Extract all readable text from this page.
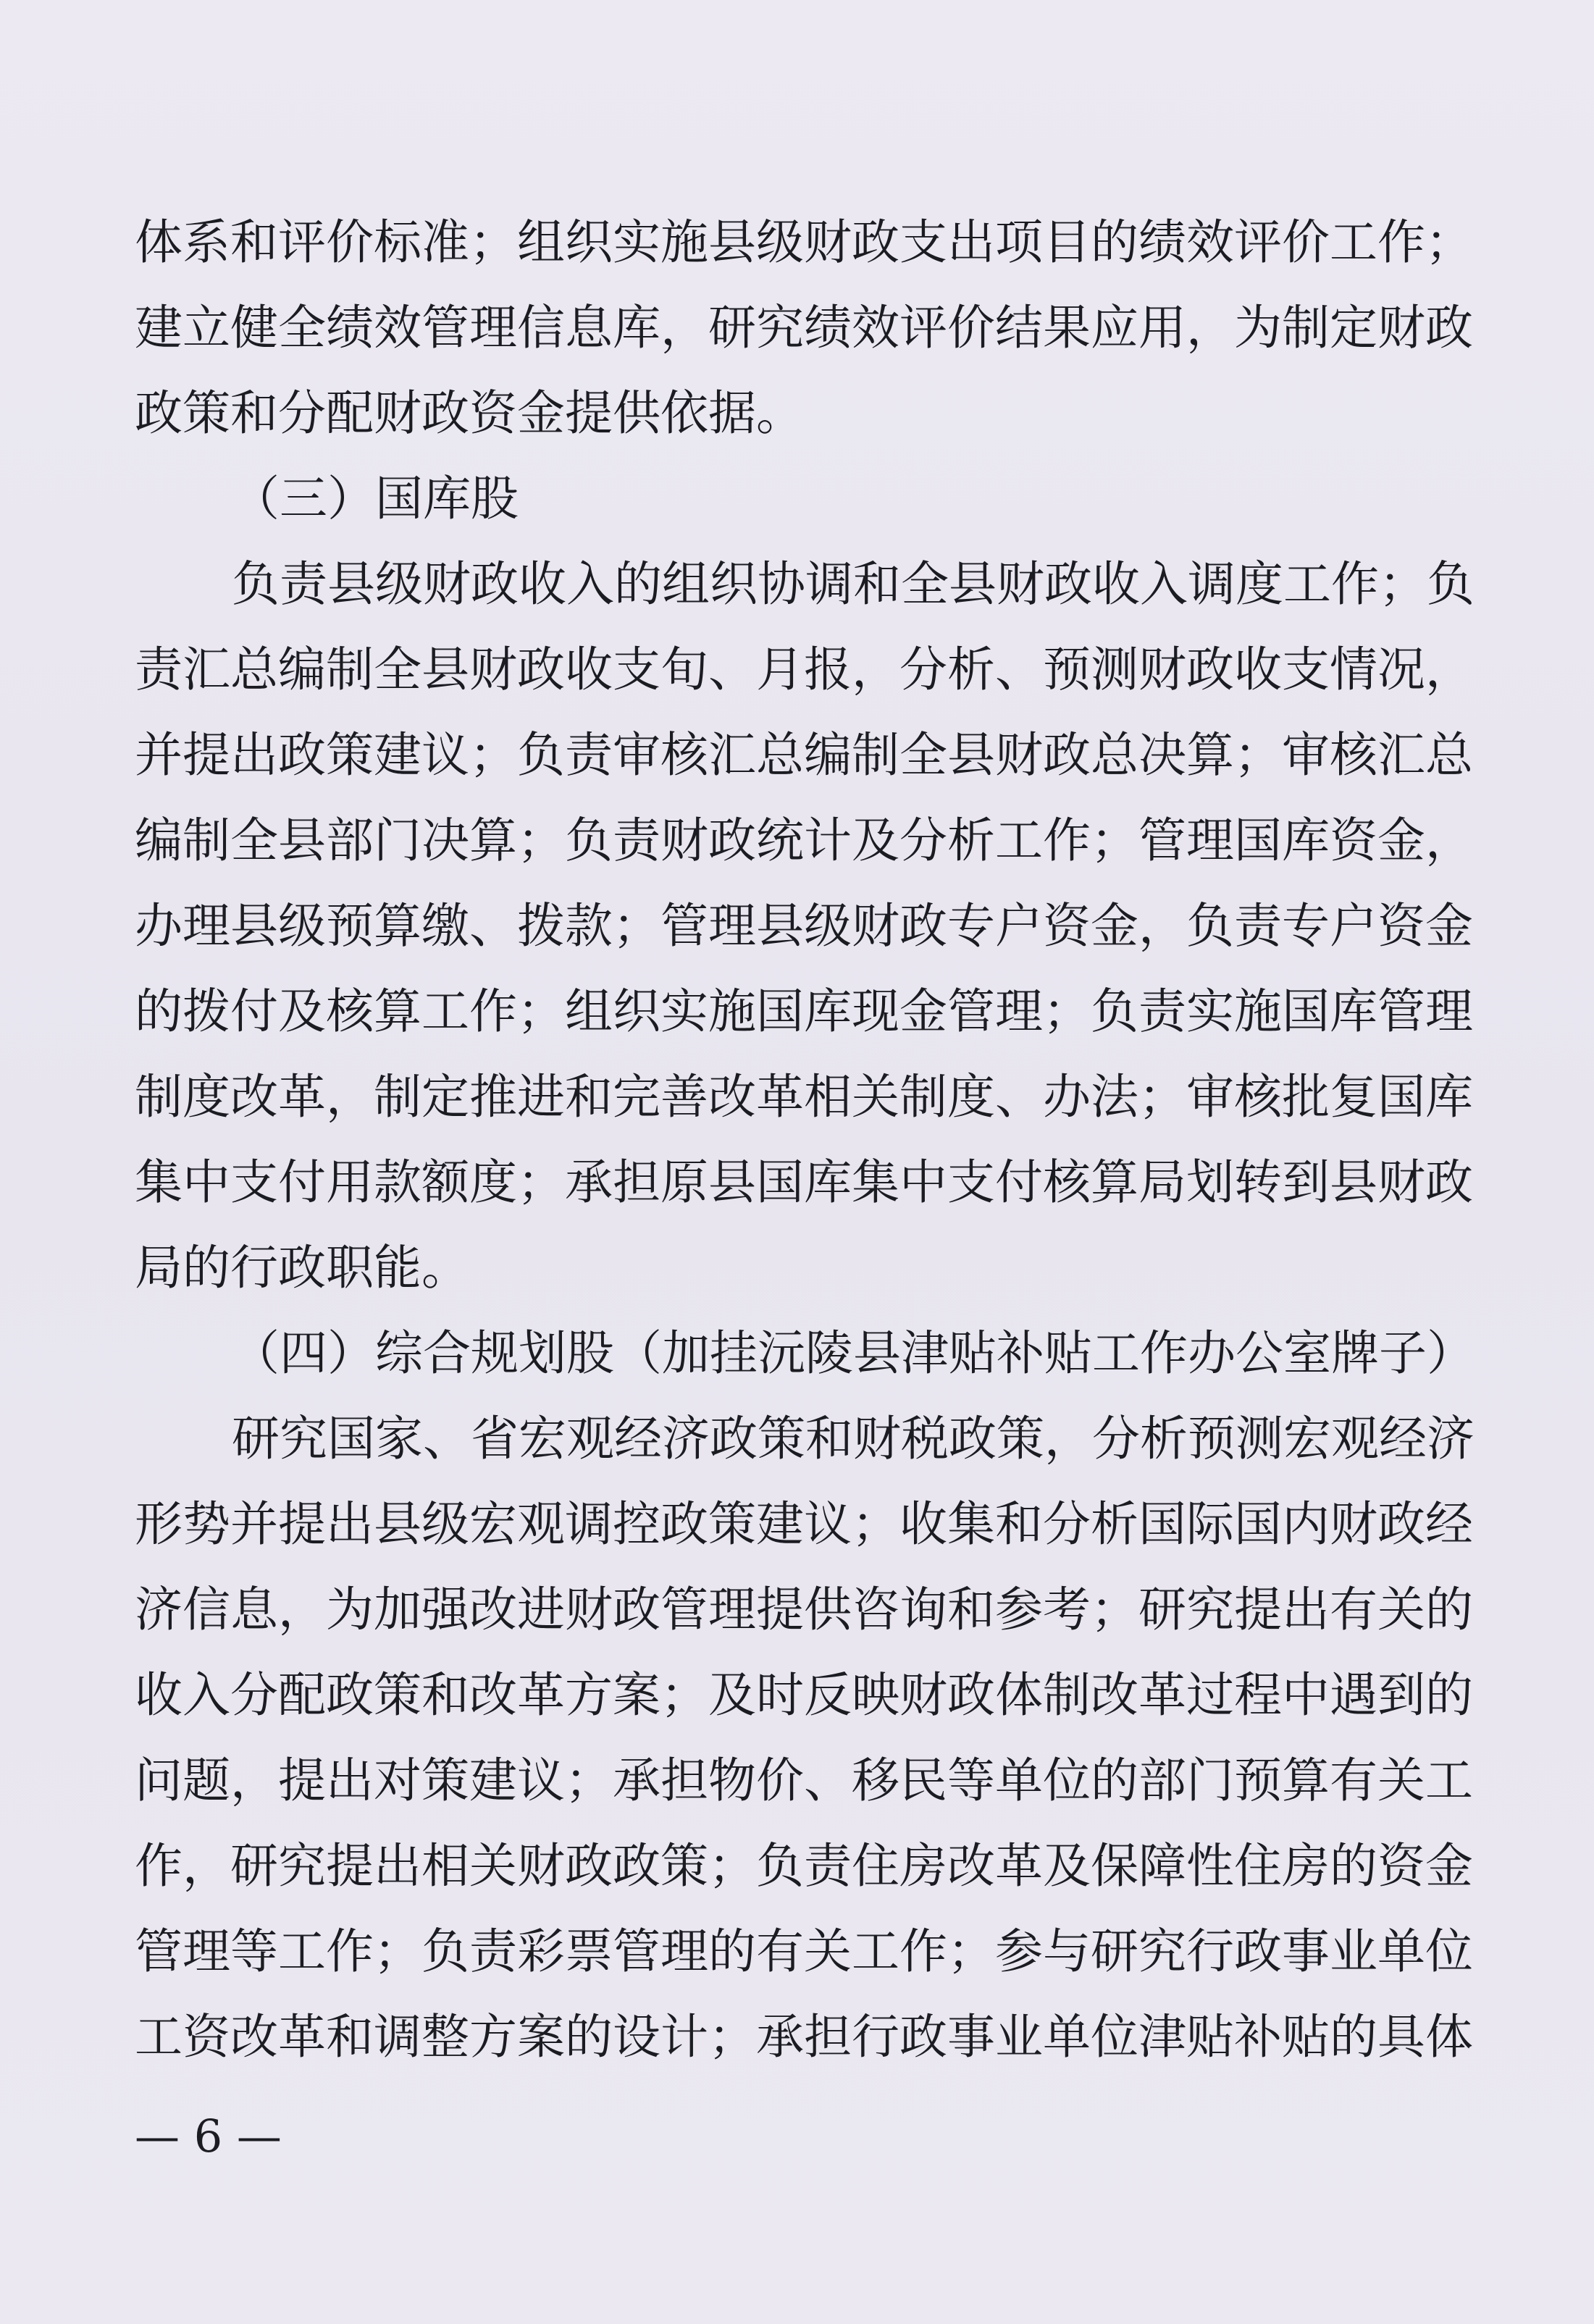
体系和评价标准；组织实施县级财政支出项目的绩效评价工作；
建立健全绩效管理信息库，研究绩效评价结果应用，为制定财政
政策和分配财政资金提供依据。
（三）国库股
负责县级财政收入的组织协调和全县财政收入调度工作；负
责汇总编制全县财政收支旬、月报，分析、预测财政收支情况，
并提出政策建议；负责审核汇总编制全县财政总决算；审核汇总
编制全县部门决算；负责财政统计及分析工作；管理国库资金，
办理县级预算缴、拨款；管理县级财政专户资金，负责专户资金
的拨付及核算工作；组织实施国库现金管理；负责实施国库管理
制度改革，制定推进和完善改革相关制度、办法；审核批复国库
集中支付用款额度；承担原县国库集中支付核算局划转到县财政
局的行政职能。
（四）综合规划股（加挂沅陵县津贴补贴工作办公室牌子）
研究国家、省宏观经济政策和财税政策，分析预测宏观经济
形势并提出县级宏观调控政策建议；收集和分析国际国内财政经
济信息，为加强改进财政管理提供咨询和参考；研究提出有关的
收入分配政策和改革方案；及时反映财政体制改革过程中遇到的
问题，提出对策建议；承担物价、移民等单位的部门预算有关工
作，研究提出相关财政政策；负责住房改革及保障性住房的资金
管理等工作；负责彩票管理的有关工作；参与研究行政事业单位
工资改革和调整方案的设计；承担行政事业单位津贴补贴的具体
— 6 —
